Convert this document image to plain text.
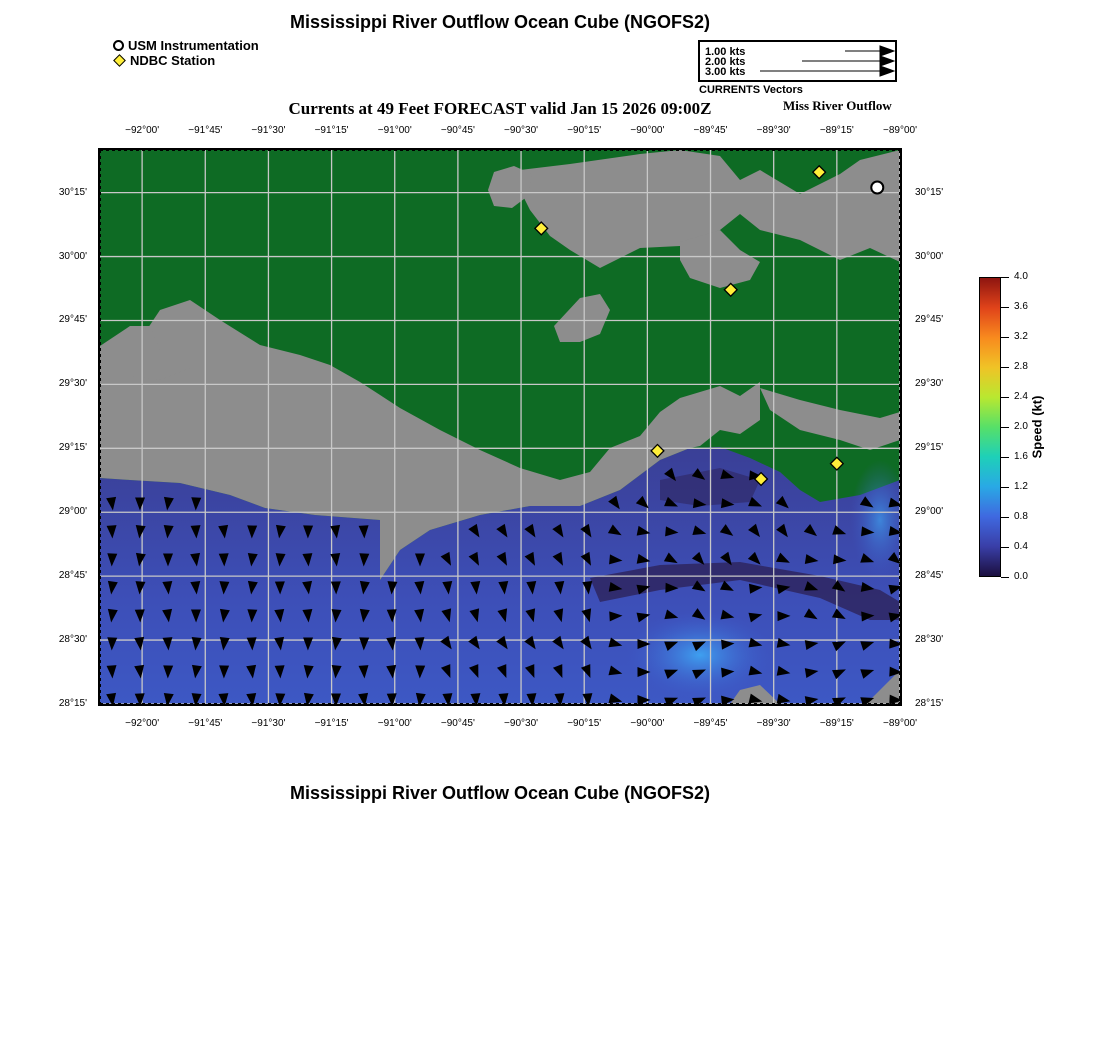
Mississippi River Outflow Ocean Cube (NGOFS2)
USM Instrumentation
NDBC Station
1.00 kts
2.00 kts
3.00 kts
CURRENTS Vectors
Currents at 49 Feet FORECAST valid Jan 15 2026 09:00Z	Miss River Outflow
−92°00'	−91°45'	−91°30'	−91°15'	−91°00'	−90°45'	−90°30'	−90°15'	−90°00'	−89°45'	−89°30'	−89°15'	−89°00'
−92°00'	−91°45'	−91°30'	−91°15'	−91°00'	−90°45'	−90°30'	−90°15'	−90°00'	−89°45'	−89°30'	−89°15'	−89°00'
30°15'
30°00'
29°45'
29°30'
29°15'
29°00'
28°45'
28°30'
28°15'
30°15'
30°00'
29°45'
29°30'
29°15'
29°00'
28°45'
28°30'
28°15'
4.0
3.6
3.2
2.8
2.4
2.0
1.6
1.2
0.8
0.4
0.0
Speed (kt)
Mississippi River Outflow Ocean Cube (NGOFS2)
